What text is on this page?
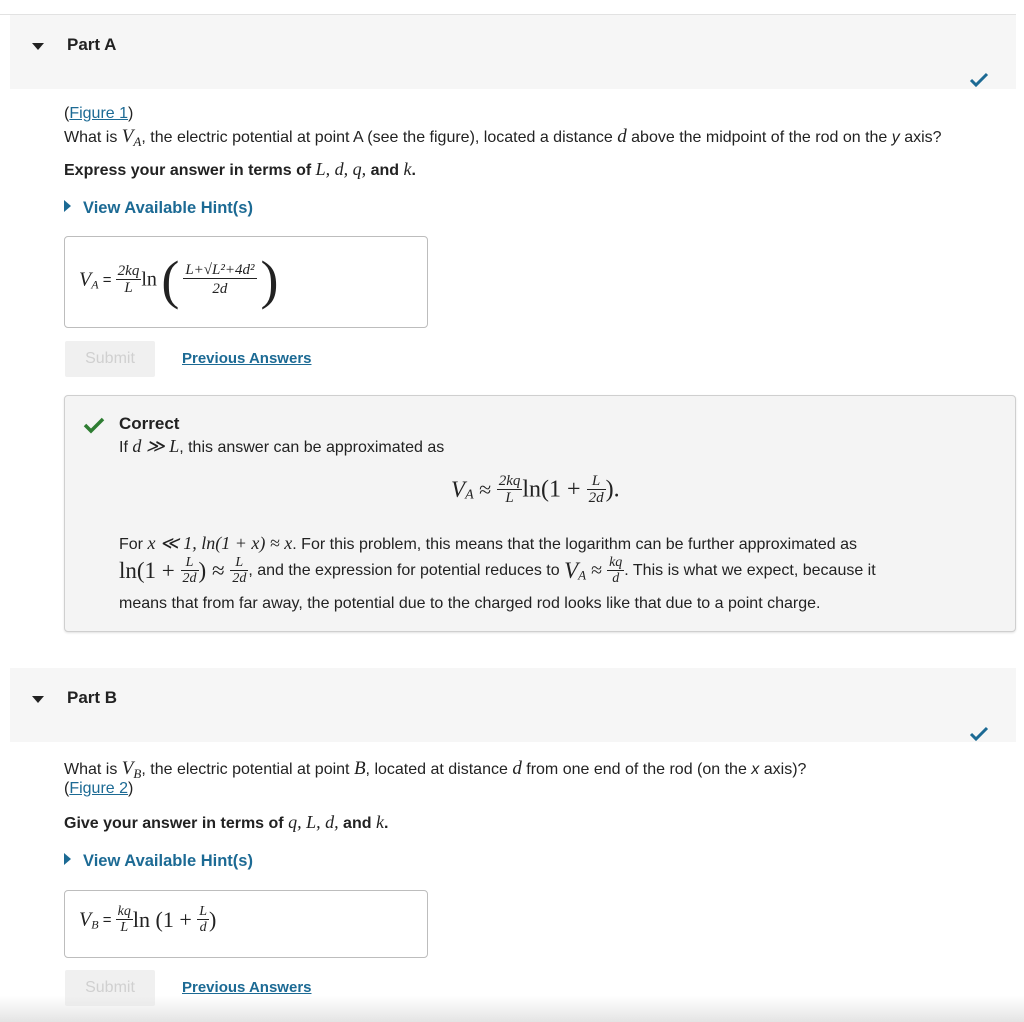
Part A
(Figure 1)
What is $V_A$, the electric potential at point A (see the figure), located a distance d above the midpoint of the rod on the y axis?
Express your answer in terms of L, d, q, and k.
View Available Hint(s)
$V_A = \frac{2kq}{L}$ ln ( $\frac{\text{L+√L²+4d²}}{2d}$ )
Submit	Previous Answers
Correct
If d ≫ L, this answer can be approximated as
$V_A \approx \frac{2kq}{L} \ln(1 + \frac{L}{2d}$ ).
For x ≪ 1, ln(1 + x) ≈ x. For this problem, this means that the logarithm can be further approximated as
$\ln(1 + \frac{L}{2d}$ ) ≈ $\frac{L}{2d}$ , and the expression for potential reduces to $V_A \approx \frac{kq}{d}$ . This is what we expect, because it
means that from far away, the potential due to the charged rod looks like that due to a point charge.
Part B
What is $V_B$, the electric potential at point B, located at distance d from one end of the rod (on the x axis)?
(Figure 2)
Give your answer in terms of q, L, d, and k.
View Available Hint(s)
$V_B = \frac{kq}{L}$ $\ln (1 + \frac{L}{d}$ )
Submit	Previous Answers
